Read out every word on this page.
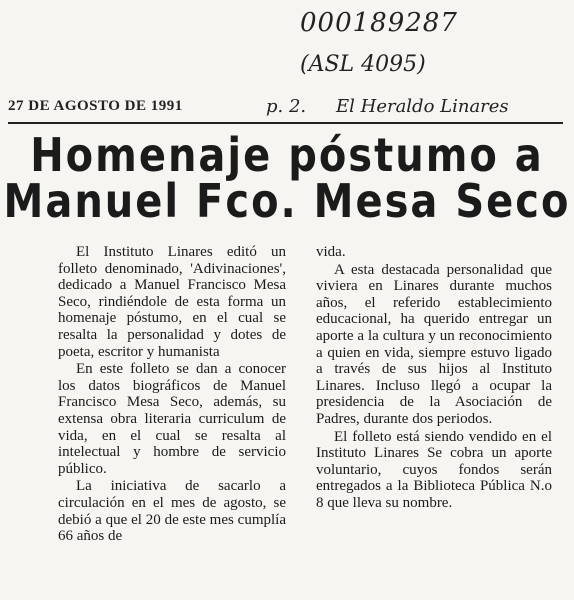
000189287
(ASL 4095)
27 DE AGOSTO DE 1991	p. 2. El Heraldo Linares
Homenaje póstumo a
Manuel Fco. Mesa Seco

El Instituto Linares editó un folleto denominado, 'Adivinaciones', dedicado a Manuel Francisco Mesa Seco, rindiéndole de esta forma un homenaje póstumo, en el cual se resalta la personalidad y dotes de poeta, escritor y humanista

En este folleto se dan a conocer los datos biográficos de Manuel Francisco Mesa Seco, además, su extensa obra literaria curriculum de vida, en el cual se resalta al intelectual y hombre de servicio público.

La iniciativa de sacarlo a circulación en el mes de agosto, se debió a que el 20 de este mes cumplía 66 años de

vida.

A esta destacada personalidad que viviera en Linares durante muchos años, el referido establecimiento educacional, ha querido entregar un aporte a la cultura y un reconocimiento a quien en vida, siempre estuvo ligado a través de sus hijos al Instituto Linares. Incluso llegó a ocupar la presidencia de la Asociación de Padres, durante dos periodos.

El folleto está siendo vendido en el Instituto Linares Se cobra un aporte voluntario, cuyos fondos serán entregados a la Biblioteca Pública N.o 8 que lleva su nombre.
